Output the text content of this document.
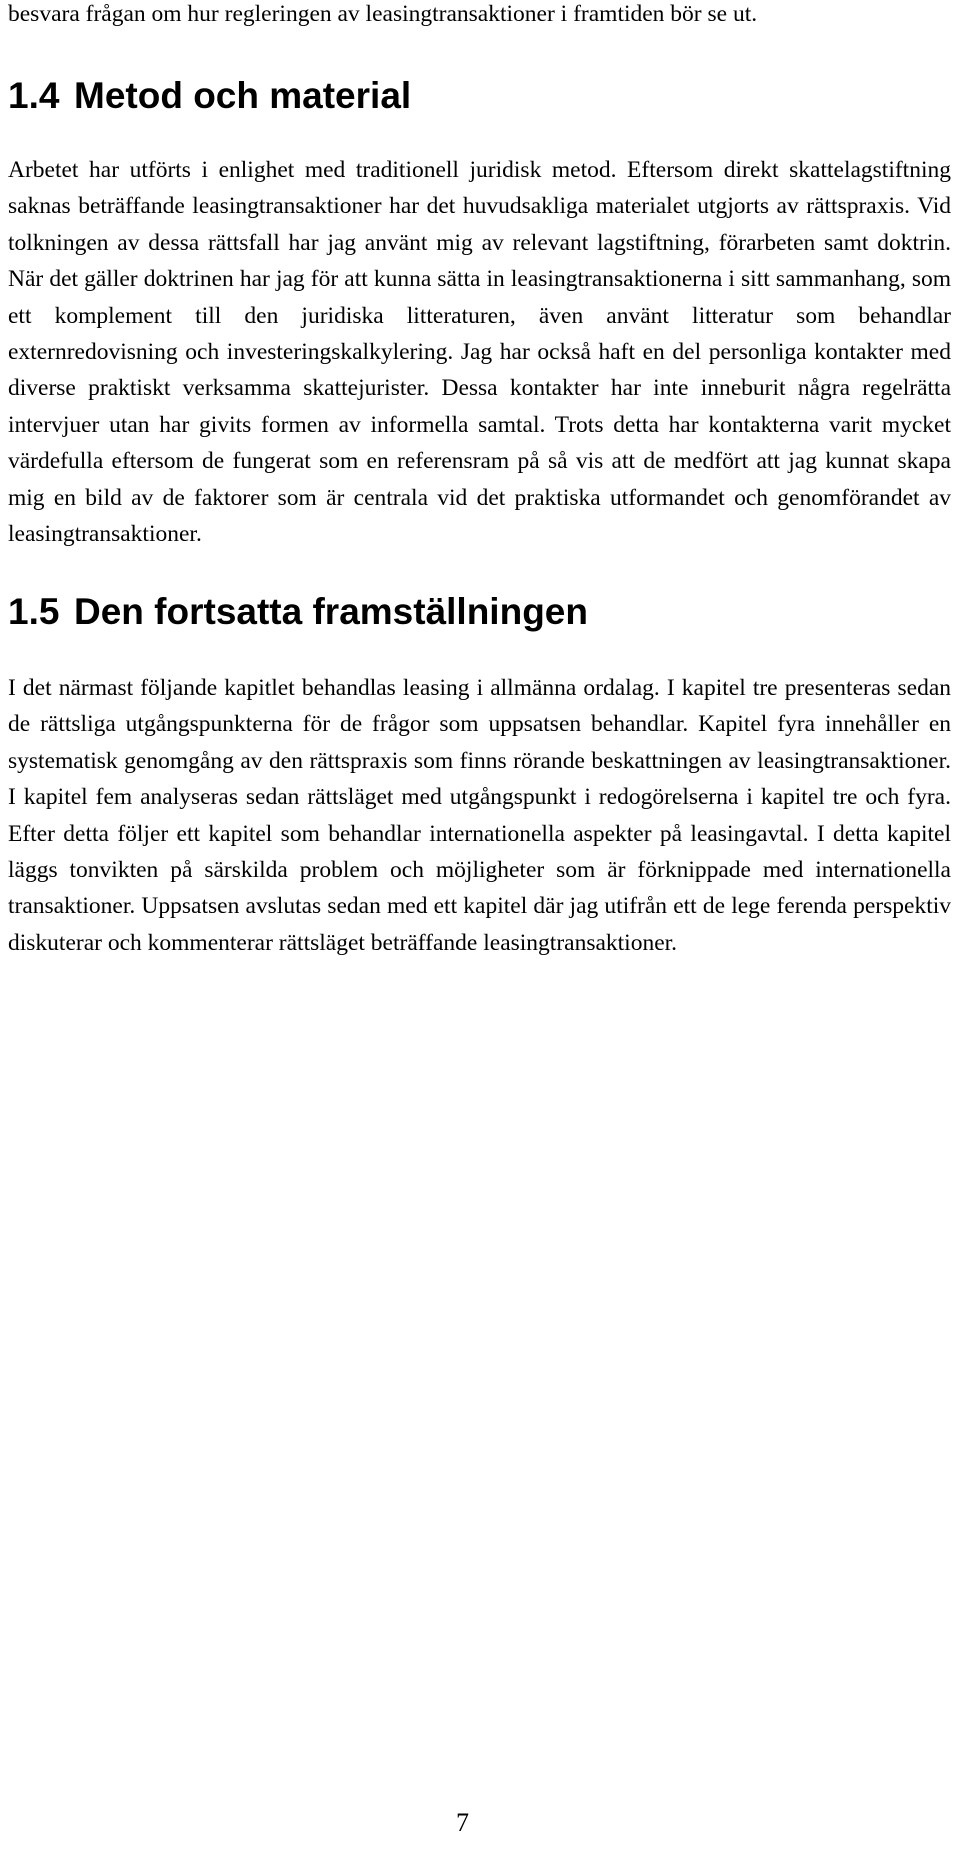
besvara frågan om hur regleringen av leasingtransaktioner i framtiden bör se ut.

1.4 Metod och material

Arbetet har utförts i enlighet med traditionell juridisk metod. Eftersom direkt skattelagstiftning saknas beträffande leasingtransaktioner har det huvudsakliga materialet utgjorts av rättspraxis. Vid tolkningen av dessa rättsfall har jag använt mig av relevant lagstiftning, förarbeten samt doktrin. När det gäller doktrinen har jag för att kunna sätta in leasingtransaktionerna i sitt sammanhang, som ett komplement till den juridiska litteraturen, även använt litteratur som behandlar externredovisning och investeringskalkylering. Jag har också haft en del personliga kontakter med diverse praktiskt verksamma skattejurister. Dessa kontakter har inte inneburit några regelrätta intervjuer utan har givits formen av informella samtal. Trots detta har kontakterna varit mycket värdefulla eftersom de fungerat som en referensram på så vis att de medfört att jag kunnat skapa mig en bild av de faktorer som är centrala vid det praktiska utformandet och genomförandet av leasingtransaktioner.

1.5 Den fortsatta framställningen

I det närmast följande kapitlet behandlas leasing i allmänna ordalag. I kapitel tre presenteras sedan de rättsliga utgångspunkterna för de frågor som uppsatsen behandlar. Kapitel fyra innehåller en systematisk genomgång av den rättspraxis som finns rörande beskattningen av leasingtransaktioner. I kapitel fem analyseras sedan rättsläget med utgångspunkt i redogörelserna i kapitel tre och fyra. Efter detta följer ett kapitel som behandlar internationella aspekter på leasingavtal. I detta kapitel läggs tonvikten på särskilda problem och möjligheter som är förknippade med internationella transaktioner. Uppsatsen avslutas sedan med ett kapitel där jag utifrån ett de lege ferenda perspektiv diskuterar och kommenterar rättsläget beträffande leasingtransaktioner.

7
